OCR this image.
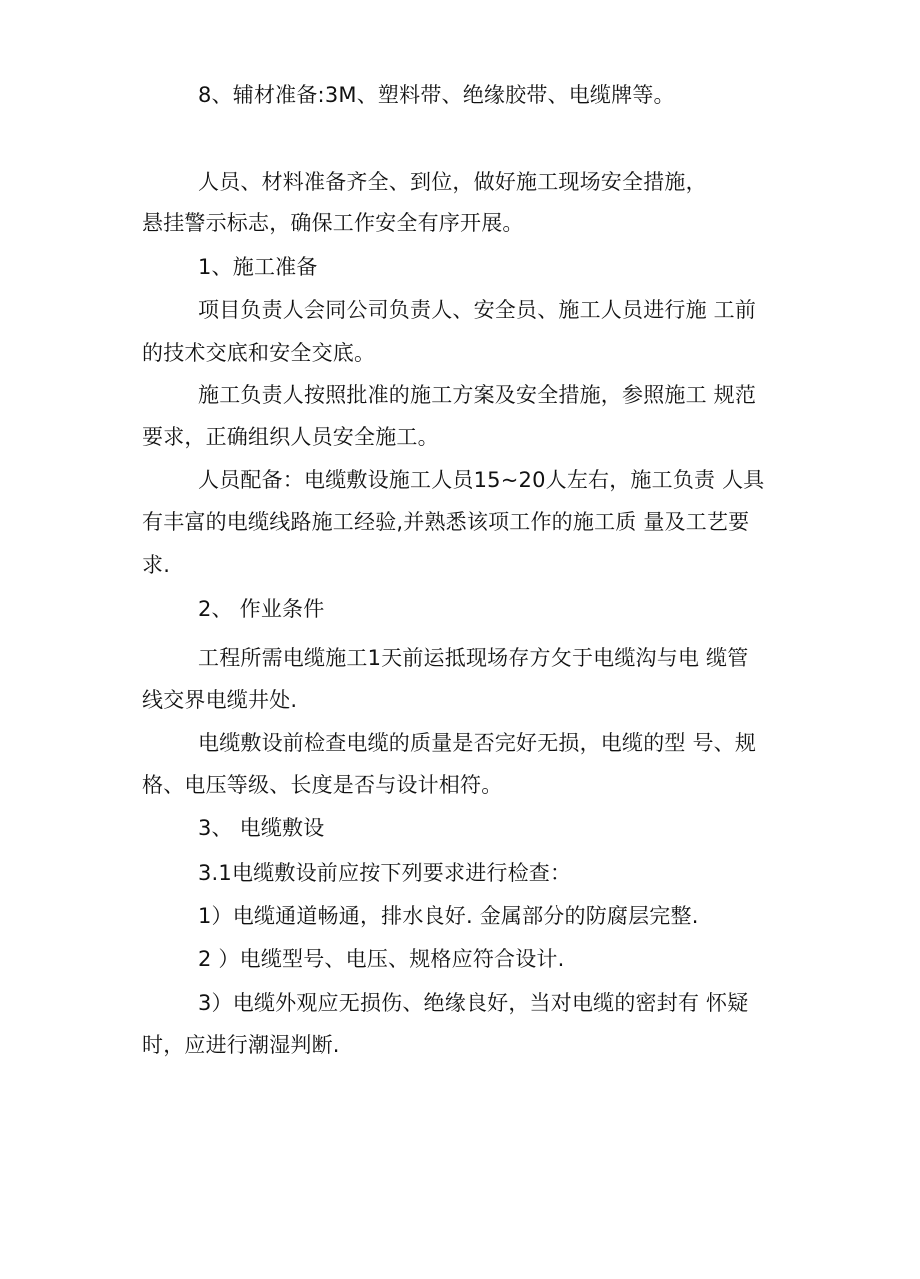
8、辅材准备:3M、塑料带、绝缘胶带、电缆牌等。
人员、材料准备齐全、到位，做好施工现场安全措施，
悬挂警示标志，确保工作安全有序开展。
1、施工准备
项目负责人会同公司负责人、安全员、施工人员进行施 工前
的技术交底和安全交底。
施工负责人按照批准的施工方案及安全措施，参照施工 规范
要求，正确组织人员安全施工。
人员配备：电缆敷设施工人员15~20人左右，施工负责 人具
有丰富的电缆线路施工经验,并熟悉该项工作的施工质 量及工艺要
求.
2、 作业条件
工程所需电缆施工1天前运抵现场存方攵于电缆沟与电 缆管
线交界电缆井处.
电缆敷设前检查电缆的质量是否完好无损，电缆的型 号、规
格、电压等级、长度是否与设计相符。
3、 电缆敷设
3.1电缆敷设前应按下列要求进行检查：
1）电缆通道畅通，排水良好. 金属部分的防腐层完整.
2 ）电缆型号、电压、规格应符合设计.
3）电缆外观应无损伤、绝缘良好，当对电缆的密封有 怀疑
时，应进行潮湿判断.
